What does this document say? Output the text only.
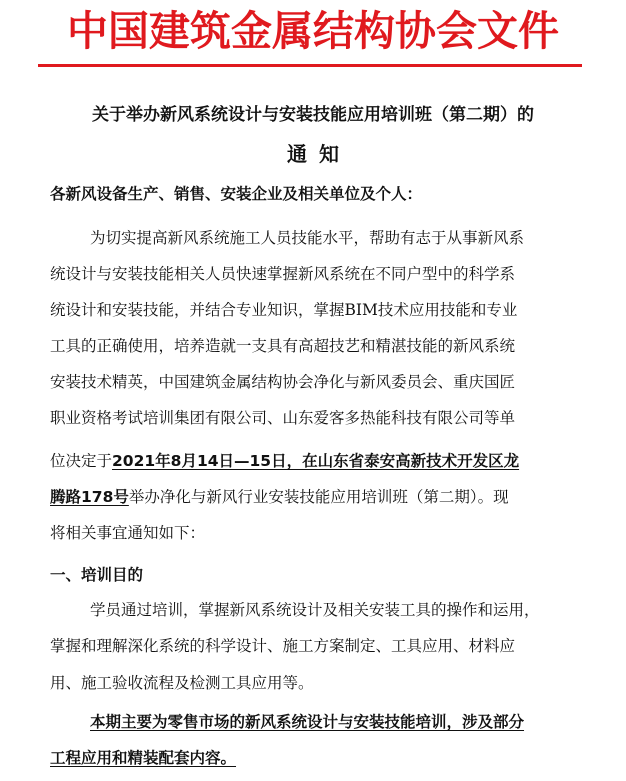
中国建筑金属结构协会文件
关于举办新风系统设计与安装技能应用培训班（第二期）的
通知
各新风设备生产、销售、安装企业及相关单位及个人：
为切实提高新风系统施工人员技能水平，帮助有志于从事新风系
统设计与安装技能相关人员快速掌握新风系统在不同户型中的科学系
统设计和安装技能，并结合专业知识，掌握BIM技术应用技能和专业
工具的正确使用，培养造就一支具有高超技艺和精湛技能的新风系统
安装技术精英，中国建筑金属结构协会净化与新风委员会、重庆国匠
职业资格考试培训集团有限公司、山东爱客多热能科技有限公司等单
位决定于2021年8月14日—15日，在山东省泰安高新技术开发区龙
腾路178号举办净化与新风行业安装技能应用培训班（第二期）。现
将相关事宜通知如下：
一、培训目的
学员通过培训，掌握新风系统设计及相关安装工具的操作和运用，
掌握和理解深化系统的科学设计、施工方案制定、工具应用、材料应
用、施工验收流程及检测工具应用等。
本期主要为零售市场的新风系统设计与安装技能培训，涉及部分
工程应用和精装配套内容。
